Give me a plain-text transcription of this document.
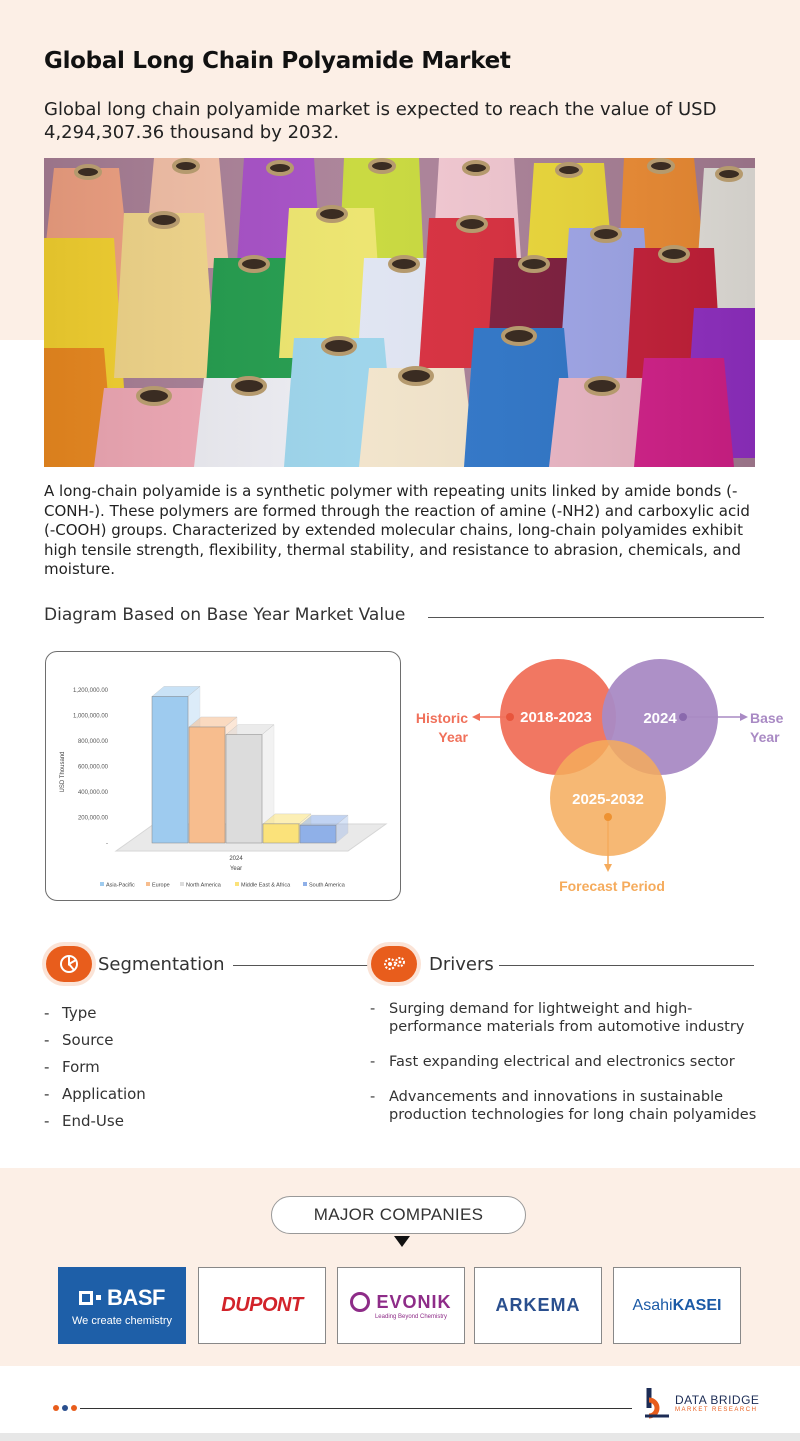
Global Long Chain Polyamide Market

Global long chain polyamide market is expected to reach the value of USD 4,294,307.36 thousand by 2032.

A long-chain polyamide is a synthetic polymer with repeating units linked by amide bonds (-CONH-). These polymers are formed through the reaction of amine (-NH2) and carboxylic acid (-COOH) groups. Characterized by extended molecular chains, long-chain polyamides exhibit high tensile strength, flexibility, thermal stability, and resistance to abrasion, chemicals, and moisture.

Diagram Based on Base Year Market Value
1,200,000.00
1,000,000.00
800,000.00
600,000.00
400,000.00
200,000.00
-
USD Thousand
2024
Year
Asia-Pacific	Europe	North America	Middle East & Africa	South America
2018-2023	2024
2025-2032
Historic
Year
Base
Year
Forecast Period
Segmentation
- Type
- Source
- Form
- Application
- End-Use
Drivers
- Surging demand for lightweight and high-performance materials from automotive industry
- Fast expanding electrical and electronics sector
- Advancements and innovations in sustainable production technologies for long chain polyamides
MAJOR COMPANIES
BASF
We create chemistry
DUPONT	EVONIK
Leading Beyond Chemistry
ARKEMA	AsahiKASEI
DATA BRIDGE
MARKET RESEARCH
